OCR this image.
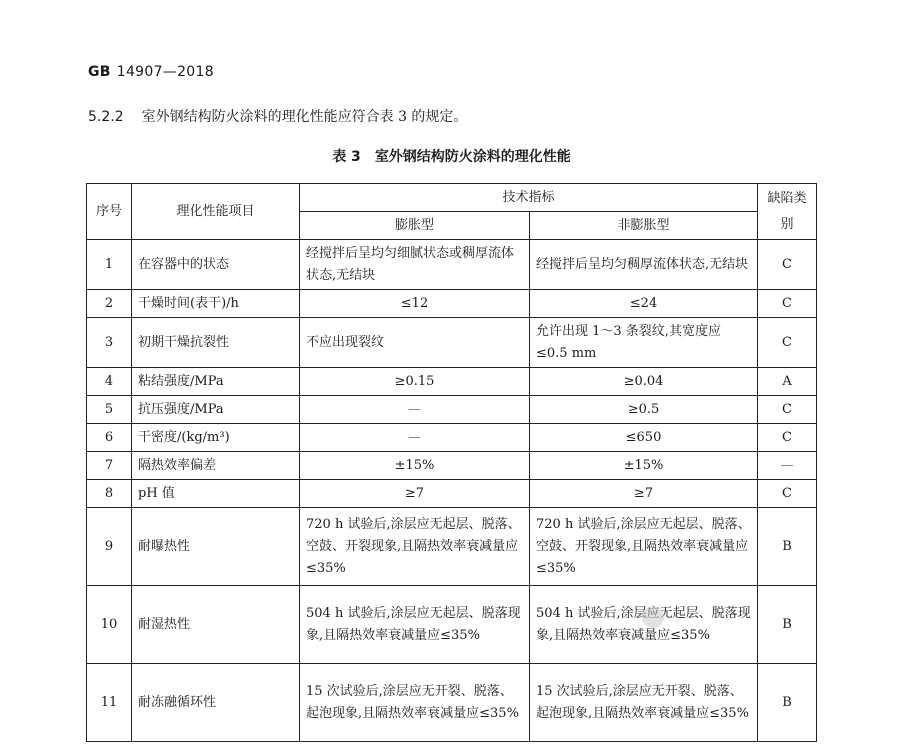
GB 14907—2018
5.2.2 室外钢结构防火涂料的理化性能应符合表 3 的规定。
表 3 室外钢结构防火涂料的理化性能
序号	理化性能项目	技术指标		缺陷类别
		膨胀型	非膨胀型	
1	在容器中的状态	经搅拌后呈均匀细腻状态或稠厚流体状态,无结块	经搅拌后呈均匀稠厚流体状态,无结块	C
2	干燥时间(表干)/h	≤12	≤24	C
3	初期干燥抗裂性	不应出现裂纹	允许出现 1～3 条裂纹,其宽度应≤0.5 mm	C
4	粘结强度/MPa	≥0.15	≥0.04	A
5	抗压强度/MPa	—	≥0.5	C
6	干密度/(kg/m³)	—	≤650	C
7	隔热效率偏差	±15%	±15%	—
8	pH 值	≥7	≥7	C
9	耐曝热性	720 h 试验后,涂层应无起层、脱落、空鼓、开裂现象,且隔热效率衰减量应≤35%	720 h 试验后,涂层应无起层、脱落、空鼓、开裂现象,且隔热效率衰减量应≤35%	B
10	耐湿热性	504 h 试验后,涂层应无起层、脱落现象,且隔热效率衰减量应≤35%	504 h 试验后,涂层应无起层、脱落现象,且隔热效率衰减量应≤35%	B
11	耐冻融循环性	15 次试验后,涂层应无开裂、脱落、起泡现象,且隔热效率衰减量应≤35%	15 次试验后,涂层应无开裂、脱落、起泡现象,且隔热效率衰减量应≤35%	B
